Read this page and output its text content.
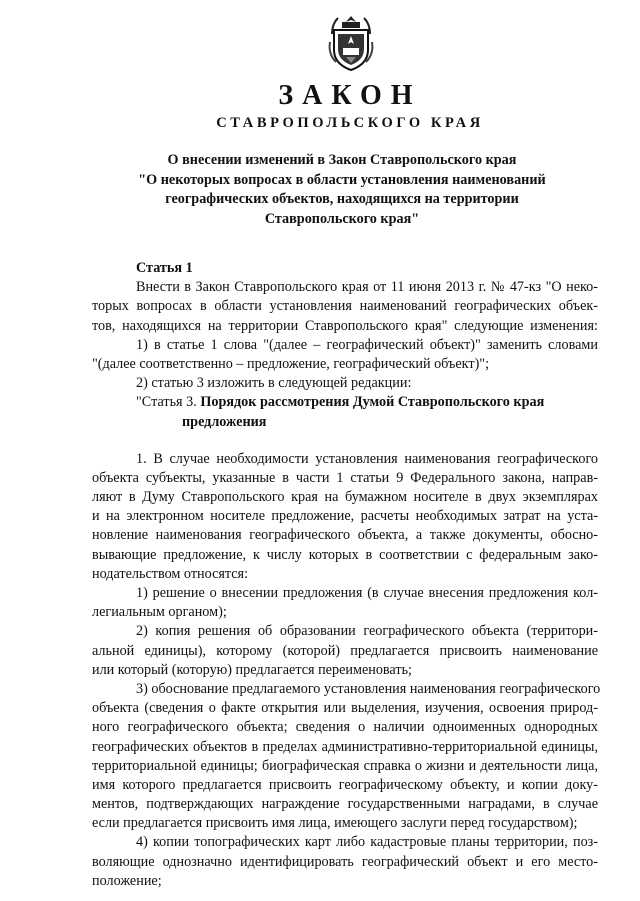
ЗАКОН
СТАВРОПОЛЬСКОГО КРАЯ
О внесении изменений в Закон Ставропольского края
"О некоторых вопросах в области установления наименований
географических объектов, находящихся на территории
Ставропольского края"
Статья 1
Внести в Закон Ставропольского края от 11 июня 2013 г. № 47-кз "О неко-
торых вопросах в области установления наименований географических объек-
тов, находящихся на территории Ставропольского края" следующие изменения:
1) в статье 1 слова "(далее – географический объект)" заменить словами
"(далее соответственно – предложение, географический объект)";
2) статью 3 изложить в следующей редакции:
"Статья 3. Порядок рассмотрения Думой Ставропольского края
предложения
1. В случае необходимости установления наименования географического
объекта субъекты, указанные в части 1 статьи 9 Федерального закона, направ-
ляют в Думу Ставропольского края на бумажном носителе в двух экземплярах
и на электронном носителе предложение, расчеты необходимых затрат на уста-
новление наименования географического объекта, а также документы, обосно-
вывающие предложение, к числу которых в соответствии с федеральным зако-
нодательством относятся:
1) решение о внесении предложения (в случае внесения предложения кол-
легиальным органом);
2) копия решения об образовании географического объекта (территори-
альной единицы), которому (которой) предлагается присвоить наименование
или который (которую) предлагается переименовать;
3) обоснование предлагаемого установления наименования географического
объекта (сведения о факте открытия или выделения, изучения, освоения природ-
ного географического объекта; сведения о наличии одноименных однородных
географических объектов в пределах административно-территориальной единицы,
территориальной единицы; биографическая справка о жизни и деятельности лица,
имя которого предлагается присвоить географическому объекту, и копии доку-
ментов, подтверждающих награждение государственными наградами, в случае
если предлагается присвоить имя лица, имеющего заслуги перед государством);
4) копии топографических карт либо кадастровые планы территории, поз-
воляющие однозначно идентифицировать географический объект и его место-
положение;
